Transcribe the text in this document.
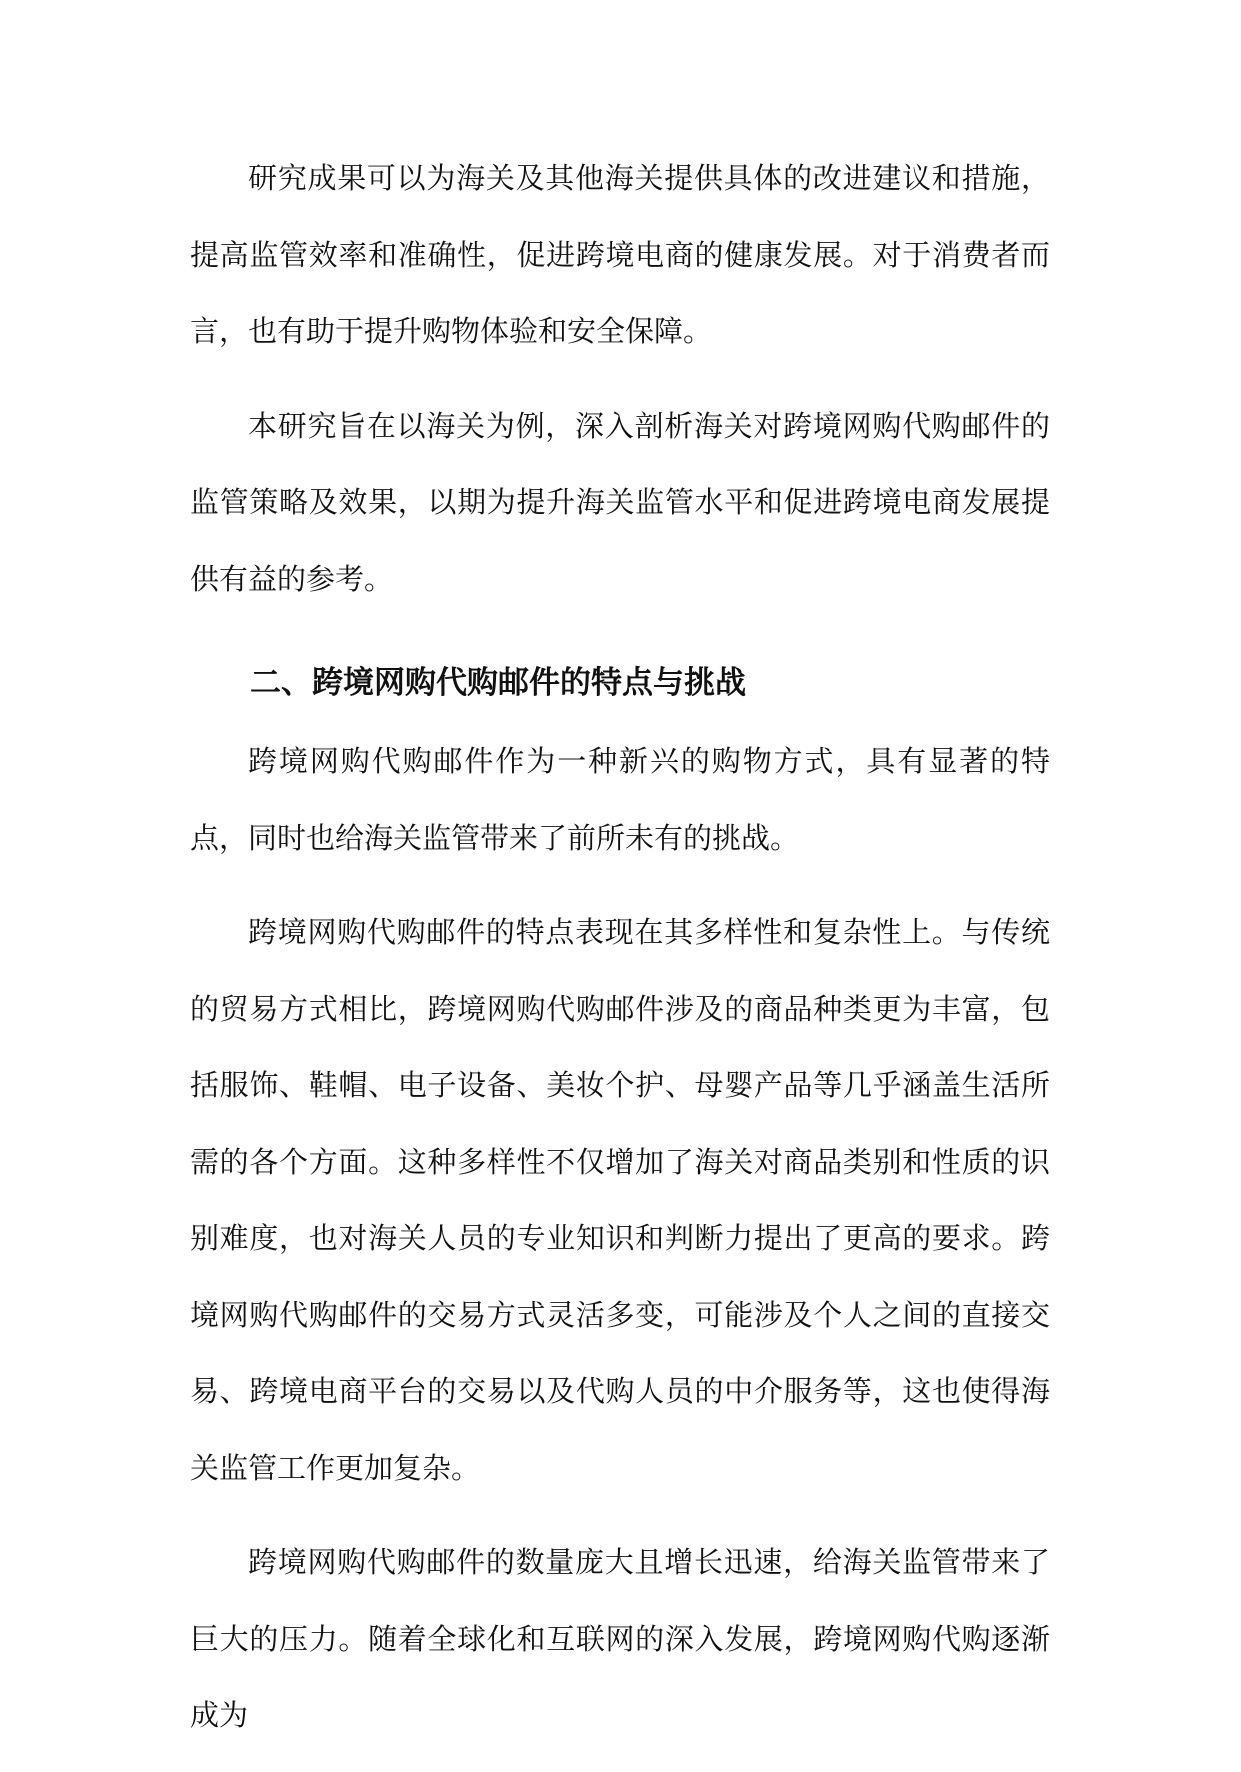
研究成果可以为海关及其他海关提供具体的改进建议和措施，提高监管效率和准确性，促进跨境电商的健康发展。对于消费者而言，也有助于提升购物体验和安全保障。

本研究旨在以海关为例，深入剖析海关对跨境网购代购邮件的监管策略及效果，以期为提升海关监管水平和促进跨境电商发展提供有益的参考。

二、跨境网购代购邮件的特点与挑战

跨境网购代购邮件作为一种新兴的购物方式，具有显著的特点，同时也给海关监管带来了前所未有的挑战。

跨境网购代购邮件的特点表现在其多样性和复杂性上。与传统的贸易方式相比，跨境网购代购邮件涉及的商品种类更为丰富，包括服饰、鞋帽、电子设备、美妆个护、母婴产品等几乎涵盖生活所需的各个方面。这种多样性不仅增加了海关对商品类别和性质的识别难度，也对海关人员的专业知识和判断力提出了更高的要求。跨境网购代购邮件的交易方式灵活多变，可能涉及个人之间的直接交易、跨境电商平台的交易以及代购人员的中介服务等，这也使得海关监管工作更加复杂。

跨境网购代购邮件的数量庞大且增长迅速，给海关监管带来了巨大的压力。随着全球化和互联网的深入发展，跨境网购代购逐渐成为
